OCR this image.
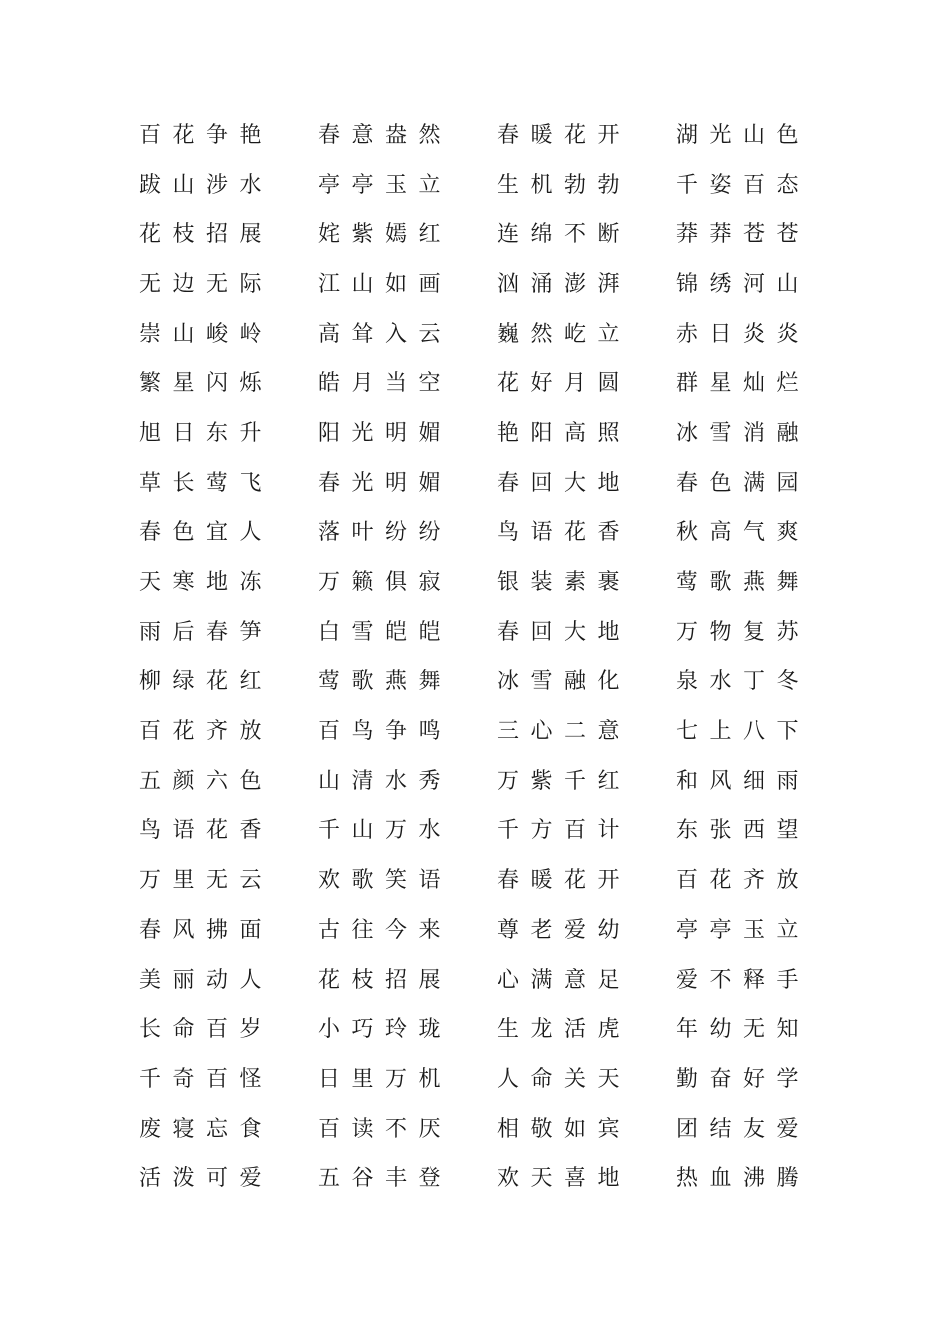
百花争艳	春意盎然	春暖花开	湖光山色
跋山涉水	亭亭玉立	生机勃勃	千姿百态
花枝招展	姹紫嫣红	连绵不断	莽莽苍苍
无边无际	江山如画	汹涌澎湃	锦绣河山
崇山峻岭	高耸入云	巍然屹立	赤日炎炎
繁星闪烁	皓月当空	花好月圆	群星灿烂
旭日东升	阳光明媚	艳阳高照	冰雪消融
草长莺飞	春光明媚	春回大地	春色满园
春色宜人	落叶纷纷	鸟语花香	秋高气爽
天寒地冻	万籁俱寂	银装素裹	莺歌燕舞
雨后春笋	白雪皑皑	春回大地	万物复苏
柳绿花红	莺歌燕舞	冰雪融化	泉水丁冬
百花齐放	百鸟争鸣	三心二意	七上八下
五颜六色	山清水秀	万紫千红	和风细雨
鸟语花香	千山万水	千方百计	东张西望
万里无云	欢歌笑语	春暖花开	百花齐放
春风拂面	古往今来	尊老爱幼	亭亭玉立
美丽动人	花枝招展	心满意足	爱不释手
长命百岁	小巧玲珑	生龙活虎	年幼无知
千奇百怪	日里万机	人命关天	勤奋好学
废寝忘食	百读不厌	相敬如宾	团结友爱
活泼可爱	五谷丰登	欢天喜地	热血沸腾
